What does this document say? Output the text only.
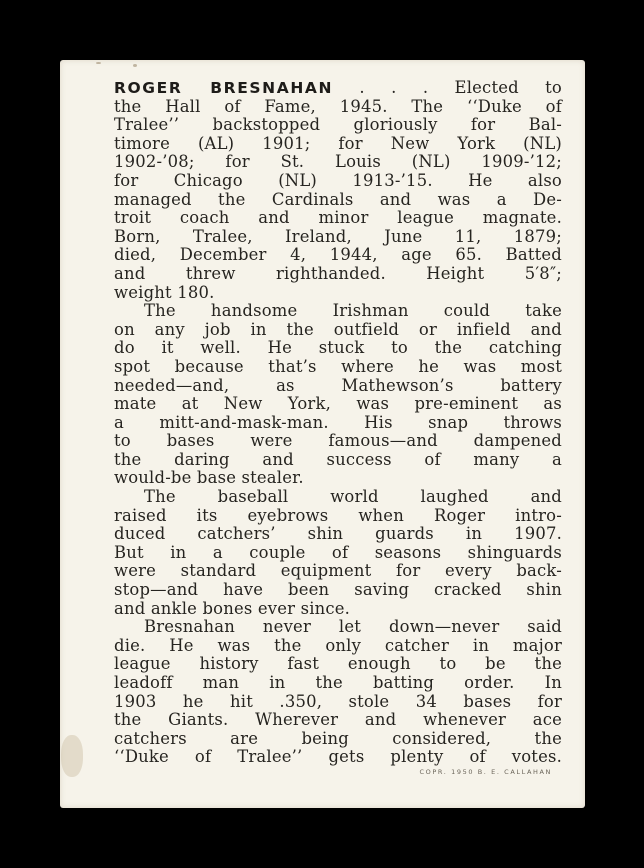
ROGER BRESNAHAN . . . Elected to
the Hall of Fame, 1945. The ‘‘Duke of
Tralee’’ backstopped gloriously for Bal-
timore (AL) 1901; for New York (NL)
1902-’08; for St. Louis (NL) 1909-’12;
for Chicago (NL) 1913-’15. He also
managed the Cardinals and was a De-
troit coach and minor league magnate.
Born, Tralee, Ireland, June 11, 1879;
died, December 4, 1944, age 65. Batted
and threw righthanded. Height 5′8″;
weight 180.
The handsome Irishman could take
on any job in the outfield or infield and
do it well. He stuck to the catching
spot because that’s where he was most
needed—and, as Mathewson’s battery
mate at New York, was pre-eminent as
a mitt-and-mask-man. His snap throws
to bases were famous—and dampened
the daring and success of many a
would-be base stealer.
The baseball world laughed and
raised its eyebrows when Roger intro-
duced catchers’ shin guards in 1907.
But in a couple of seasons shinguards
were standard equipment for every back-
stop—and have been saving cracked shin
and ankle bones ever since.
Bresnahan never let down—never said
die. He was the only catcher in major
league history fast enough to be the
leadoff man in the batting order. In
1903 he hit .350, stole 34 bases for
the Giants. Wherever and whenever ace
catchers are being considered, the
‘‘Duke of Tralee’’ gets plenty of votes.
COPR. 1950 B. E. CALLAHAN
